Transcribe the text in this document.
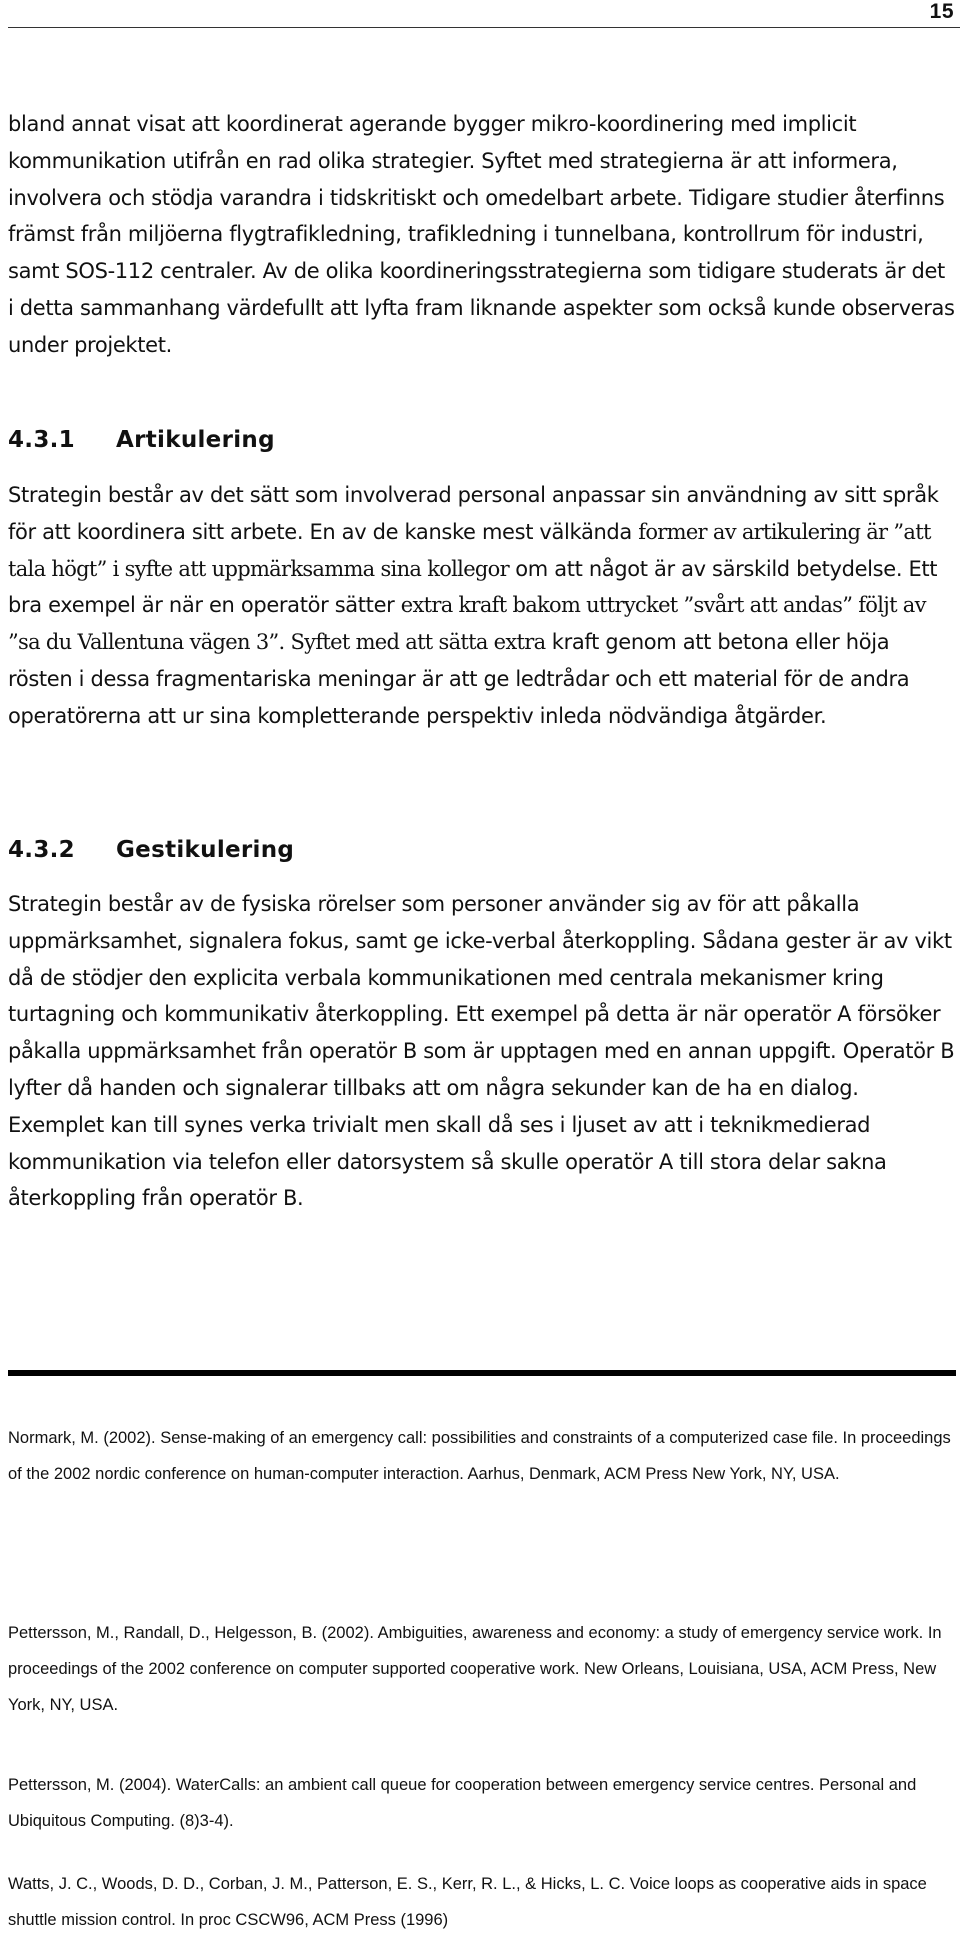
15

bland annat visat att koordinerat agerande bygger mikro-koordinering med implicit kommunikation utifrån en rad olika strategier. Syftet med strategierna är att informera, involvera och stödja varandra i tidskritiskt och omedelbart arbete. Tidigare studier återfinns främst från miljöerna flygtrafikledning, trafikledning i tunnelbana, kontrollrum för industri, samt SOS-112 centraler. Av de olika koordineringsstrategierna som tidigare studerats är det i detta sammanhang värdefullt att lyfta fram liknande aspekter som också kunde observeras under projektet.

4.3.1 Artikulering

Strategin består av det sätt som involverad personal anpassar sin användning av sitt språk för att koordinera sitt arbete. En av de kanske mest välkända former av artikulering är ”att tala högt” i syfte att uppmärksamma sina kollegor om att något är av särskild betydelse. Ett bra exempel är när en operatör sätter extra kraft bakom uttrycket ”svårt att andas” följt av ”sa du Vallentuna vägen 3”. Syftet med att sätta extra kraft genom att betona eller höja rösten i dessa fragmentariska meningar är att ge ledtrådar och ett material för de andra operatörerna att ur sina kompletterande perspektiv inleda nödvändiga åtgärder.

4.3.2 Gestikulering

Strategin består av de fysiska rörelser som personer använder sig av för att påkalla uppmärksamhet, signalera fokus, samt ge icke-verbal återkoppling. Sådana gester är av vikt då de stödjer den explicita verbala kommunikationen med centrala mekanismer kring turtagning och kommunikativ återkoppling. Ett exempel på detta är när operatör A försöker påkalla uppmärksamhet från operatör B som är upptagen med en annan uppgift. Operatör B lyfter då handen och signalerar tillbaks att om några sekunder kan de ha en dialog. Exemplet kan till synes verka trivialt men skall då ses i ljuset av att i teknikmedierad kommunikation via telefon eller datorsystem så skulle operatör A till stora delar sakna återkoppling från operatör B.

Normark, M. (2002). Sense-making of an emergency call: possibilities and constraints of a computerized case file. In proceedings of the 2002 nordic conference on human-computer interaction. Aarhus, Denmark, ACM Press New York, NY, USA.

Pettersson, M., Randall, D., Helgesson, B. (2002). Ambiguities, awareness and economy: a study of emergency service work. In proceedings of the 2002 conference on computer supported cooperative work. New Orleans, Louisiana, USA, ACM Press, New York, NY, USA.

Pettersson, M. (2004). WaterCalls: an ambient call queue for cooperation between emergency service centres. Personal and Ubiquitous Computing. (8)3-4).

Watts, J. C., Woods, D. D., Corban, J. M., Patterson, E. S., Kerr, R. L., & Hicks, L. C. Voice loops as cooperative aids in space shuttle mission control. In proc CSCW96, ACM Press (1996)
